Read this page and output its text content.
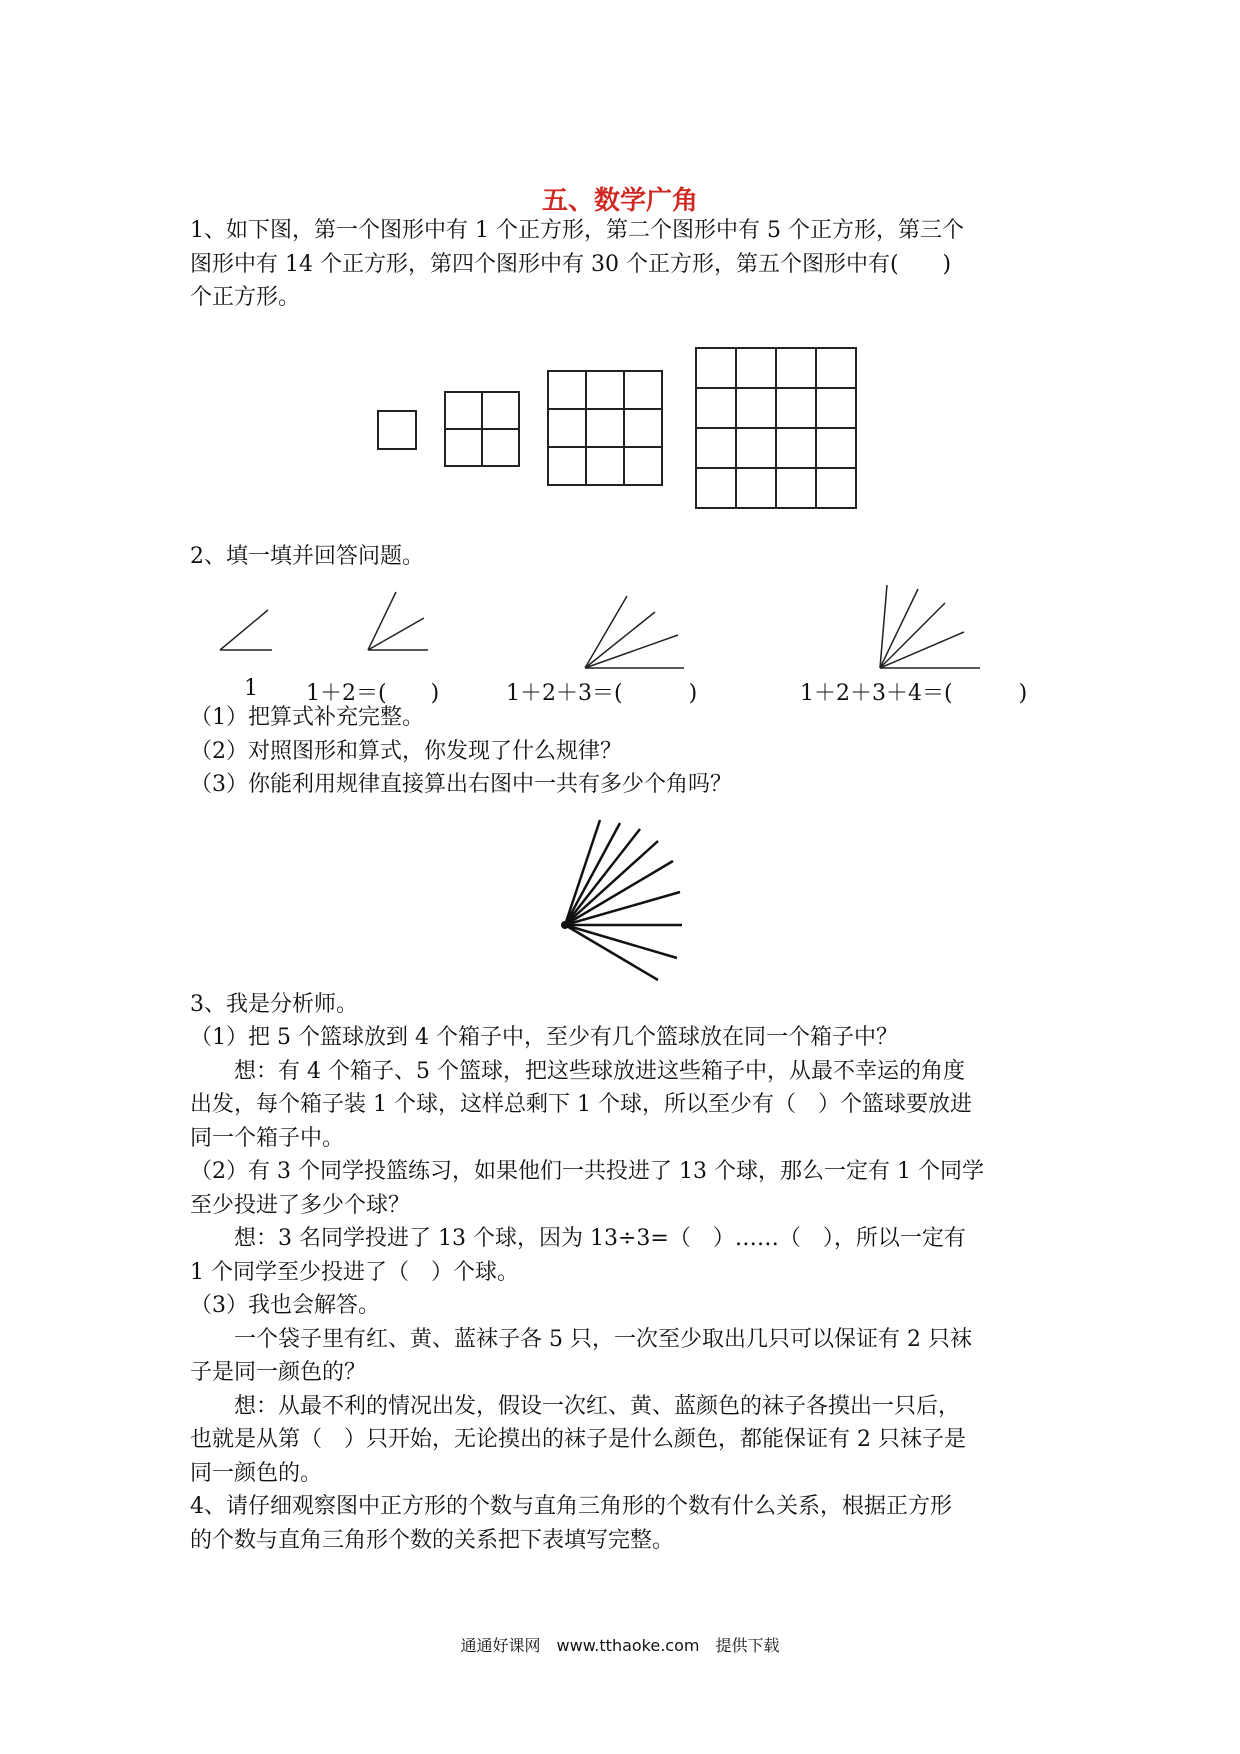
五、数学广角
1、如下图，第一个图形中有 1 个正方形，第二个图形中有 5 个正方形，第三个
图形中有 14 个正方形，第四个图形中有 30 个正方形，第五个图形中有(　　)
个正方形。
2、填一填并回答问题。
1 1＋2＝(　　)	1＋2＋3＝(　　　)	1＋2＋3＋4＝(　　　)
（1）把算式补充完整。
（2）对照图形和算式，你发现了什么规律？
（3）你能利用规律直接算出右图中一共有多少个角吗？
3、我是分析师。
（1）把 5 个篮球放到 4 个箱子中，至少有几个篮球放在同一个箱子中？
　　想：有 4 个箱子、5 个篮球，把这些球放进这些箱子中，从最不幸运的角度
出发，每个箱子装 1 个球，这样总剩下 1 个球，所以至少有（　）个篮球要放进
同一个箱子中。
（2）有 3 个同学投篮练习，如果他们一共投进了 13 个球，那么一定有 1 个同学
至少投进了多少个球？
　　想：3 名同学投进了 13 个球，因为 13÷3=（　）……（　），所以一定有
1 个同学至少投进了（　）个球。
（3）我也会解答。
　　一个袋子里有红、黄、蓝袜子各 5 只，一次至少取出几只可以保证有 2 只袜
子是同一颜色的？
　　想：从最不利的情况出发，假设一次红、黄、蓝颜色的袜子各摸出一只后，
也就是从第（　）只开始，无论摸出的袜子是什么颜色，都能保证有 2 只袜子是
同一颜色的。
4、请仔细观察图中正方形的个数与直角三角形的个数有什么关系，根据正方形
的个数与直角三角形个数的关系把下表填写完整。
通通好课网　www.tthaoke.com　提供下载
